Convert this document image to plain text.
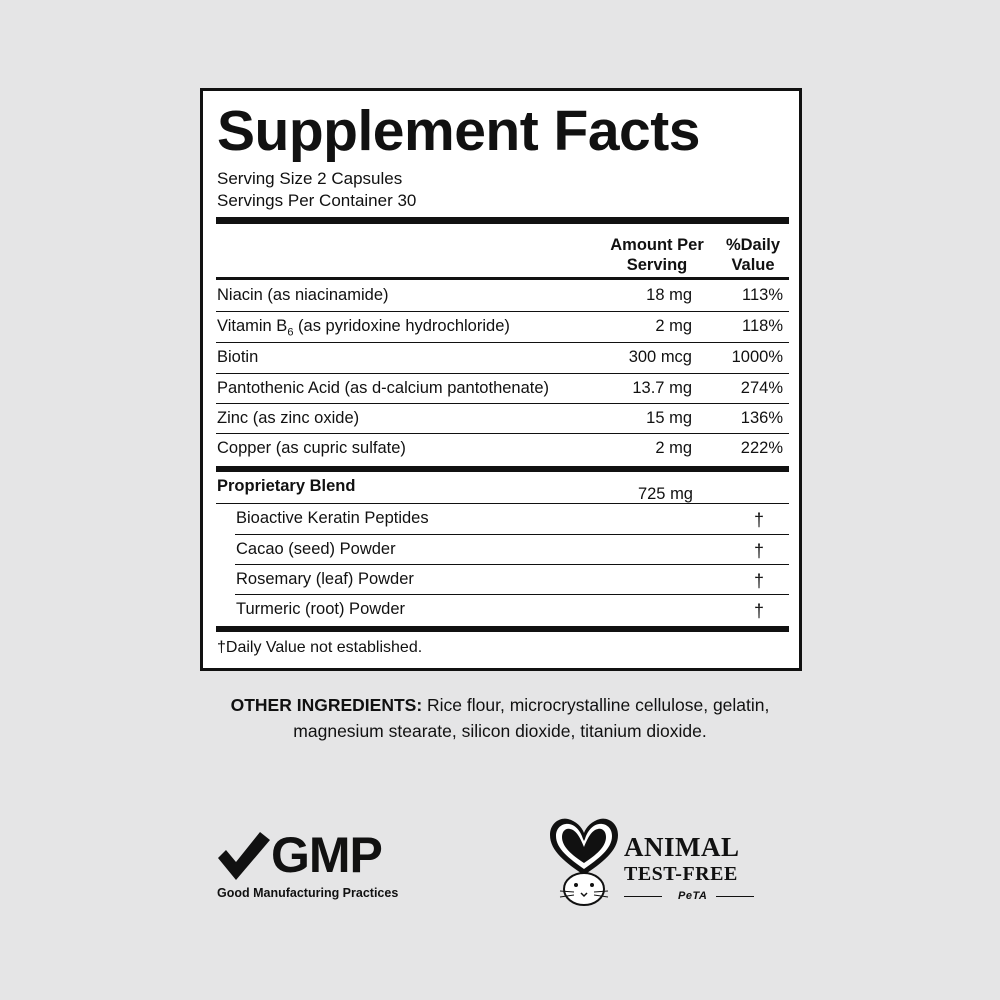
Supplement Facts
Serving Size 2 Capsules
Servings Per Container 30
Amount Per
Serving
%Daily
Value
Niacin (as niacinamide)	18 mg	113%
Vitamin $B_6$ (as pyridoxine hydrochloride)	2 mg	118%
Biotin	300 mcg 1000%
Pantothenic Acid (as d-calcium pantothenate)	13.7 mg	274%
Zinc (as zinc oxide)	15 mg	136%
Copper (as cupric sulfate)	2 mg	222%
Proprietary Blend	725 mg
Bioactive Keratin Peptides	†
Cacao (seed) Powder	†
Rosemary (leaf) Powder	†
Turmeric (root) Powder	†
†Daily Value not established.
OTHER INGREDIENTS: Rice flour, microcrystalline cellulose, gelatin, magnesium stearate, silicon dioxide, titanium dioxide.
GMP
Good Manufacturing Practices
ANIMAL
TEST-FREE
PeTA
